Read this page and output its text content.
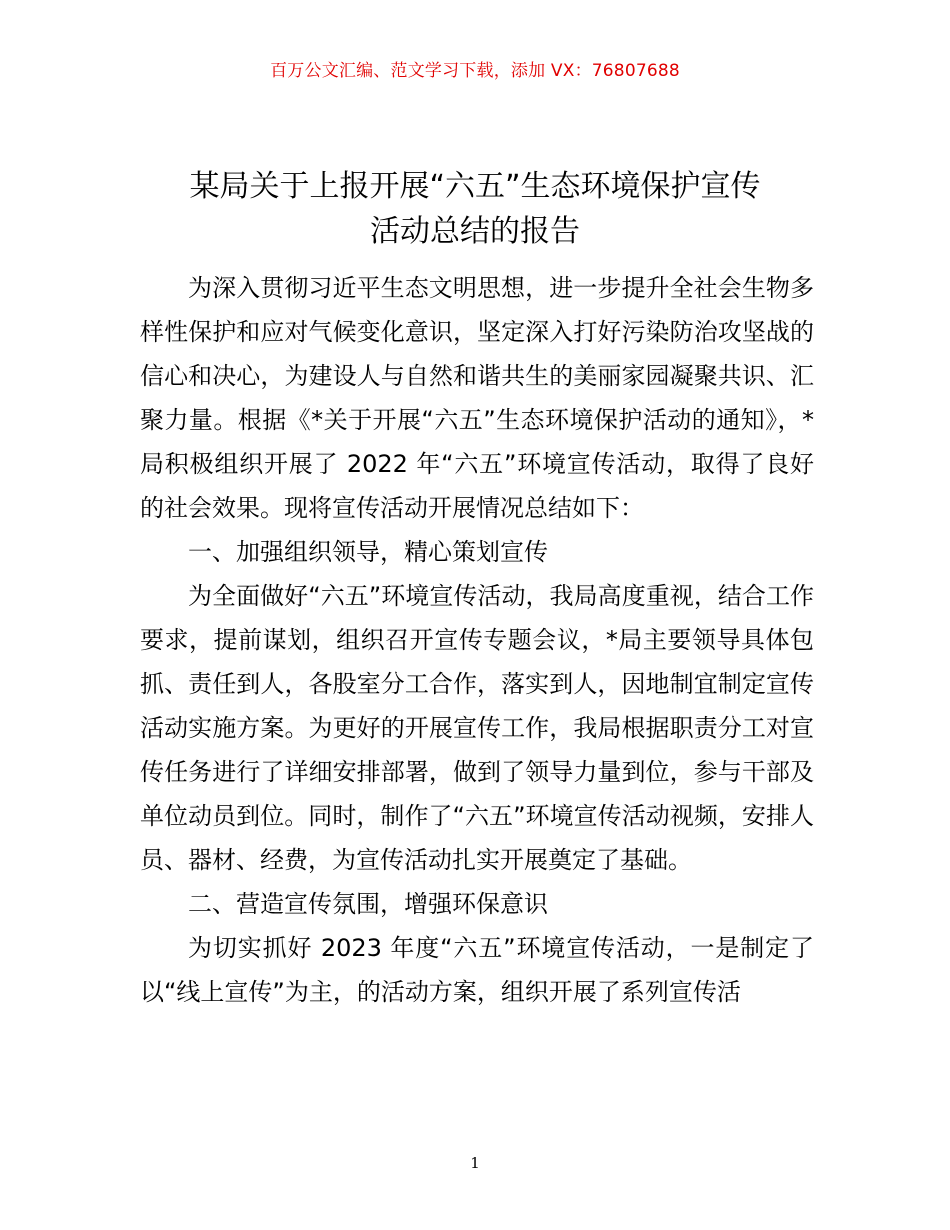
百万公文汇编、范文学习下载，添加 VX：76807688
某局关于上报开展“六五”生态环境保护宣传
活动总结的报告

为深入贯彻习近平生态文明思想，进一步提升全社会生物多样性保护和应对气候变化意识，坚定深入打好污染防治攻坚战的信心和决心，为建设人与自然和谐共生的美丽家园凝聚共识、汇聚力量。根据《*关于开展“六五”生态环境保护活动的通知》，*局积极组织开展了 2022 年“六五”环境宣传活动，取得了良好的社会效果。现将宣传活动开展情况总结如下：

一、加强组织领导，精心策划宣传

为全面做好“六五”环境宣传活动，我局高度重视，结合工作要求，提前谋划，组织召开宣传专题会议，*局主要领导具体包抓、责任到人，各股室分工合作，落实到人，因地制宜制定宣传活动实施方案。为更好的开展宣传工作，我局根据职责分工对宣传任务进行了详细安排部署，做到了领导力量到位，参与干部及单位动员到位。同时，制作了“六五”环境宣传活动视频，安排人员、器材、经费，为宣传活动扎实开展奠定了基础。

二、营造宣传氛围，增强环保意识

为切实抓好 2023 年度“六五”环境宣传活动，一是制定了以“线上宣传”为主，的活动方案，组织开展了系列宣传活

1
